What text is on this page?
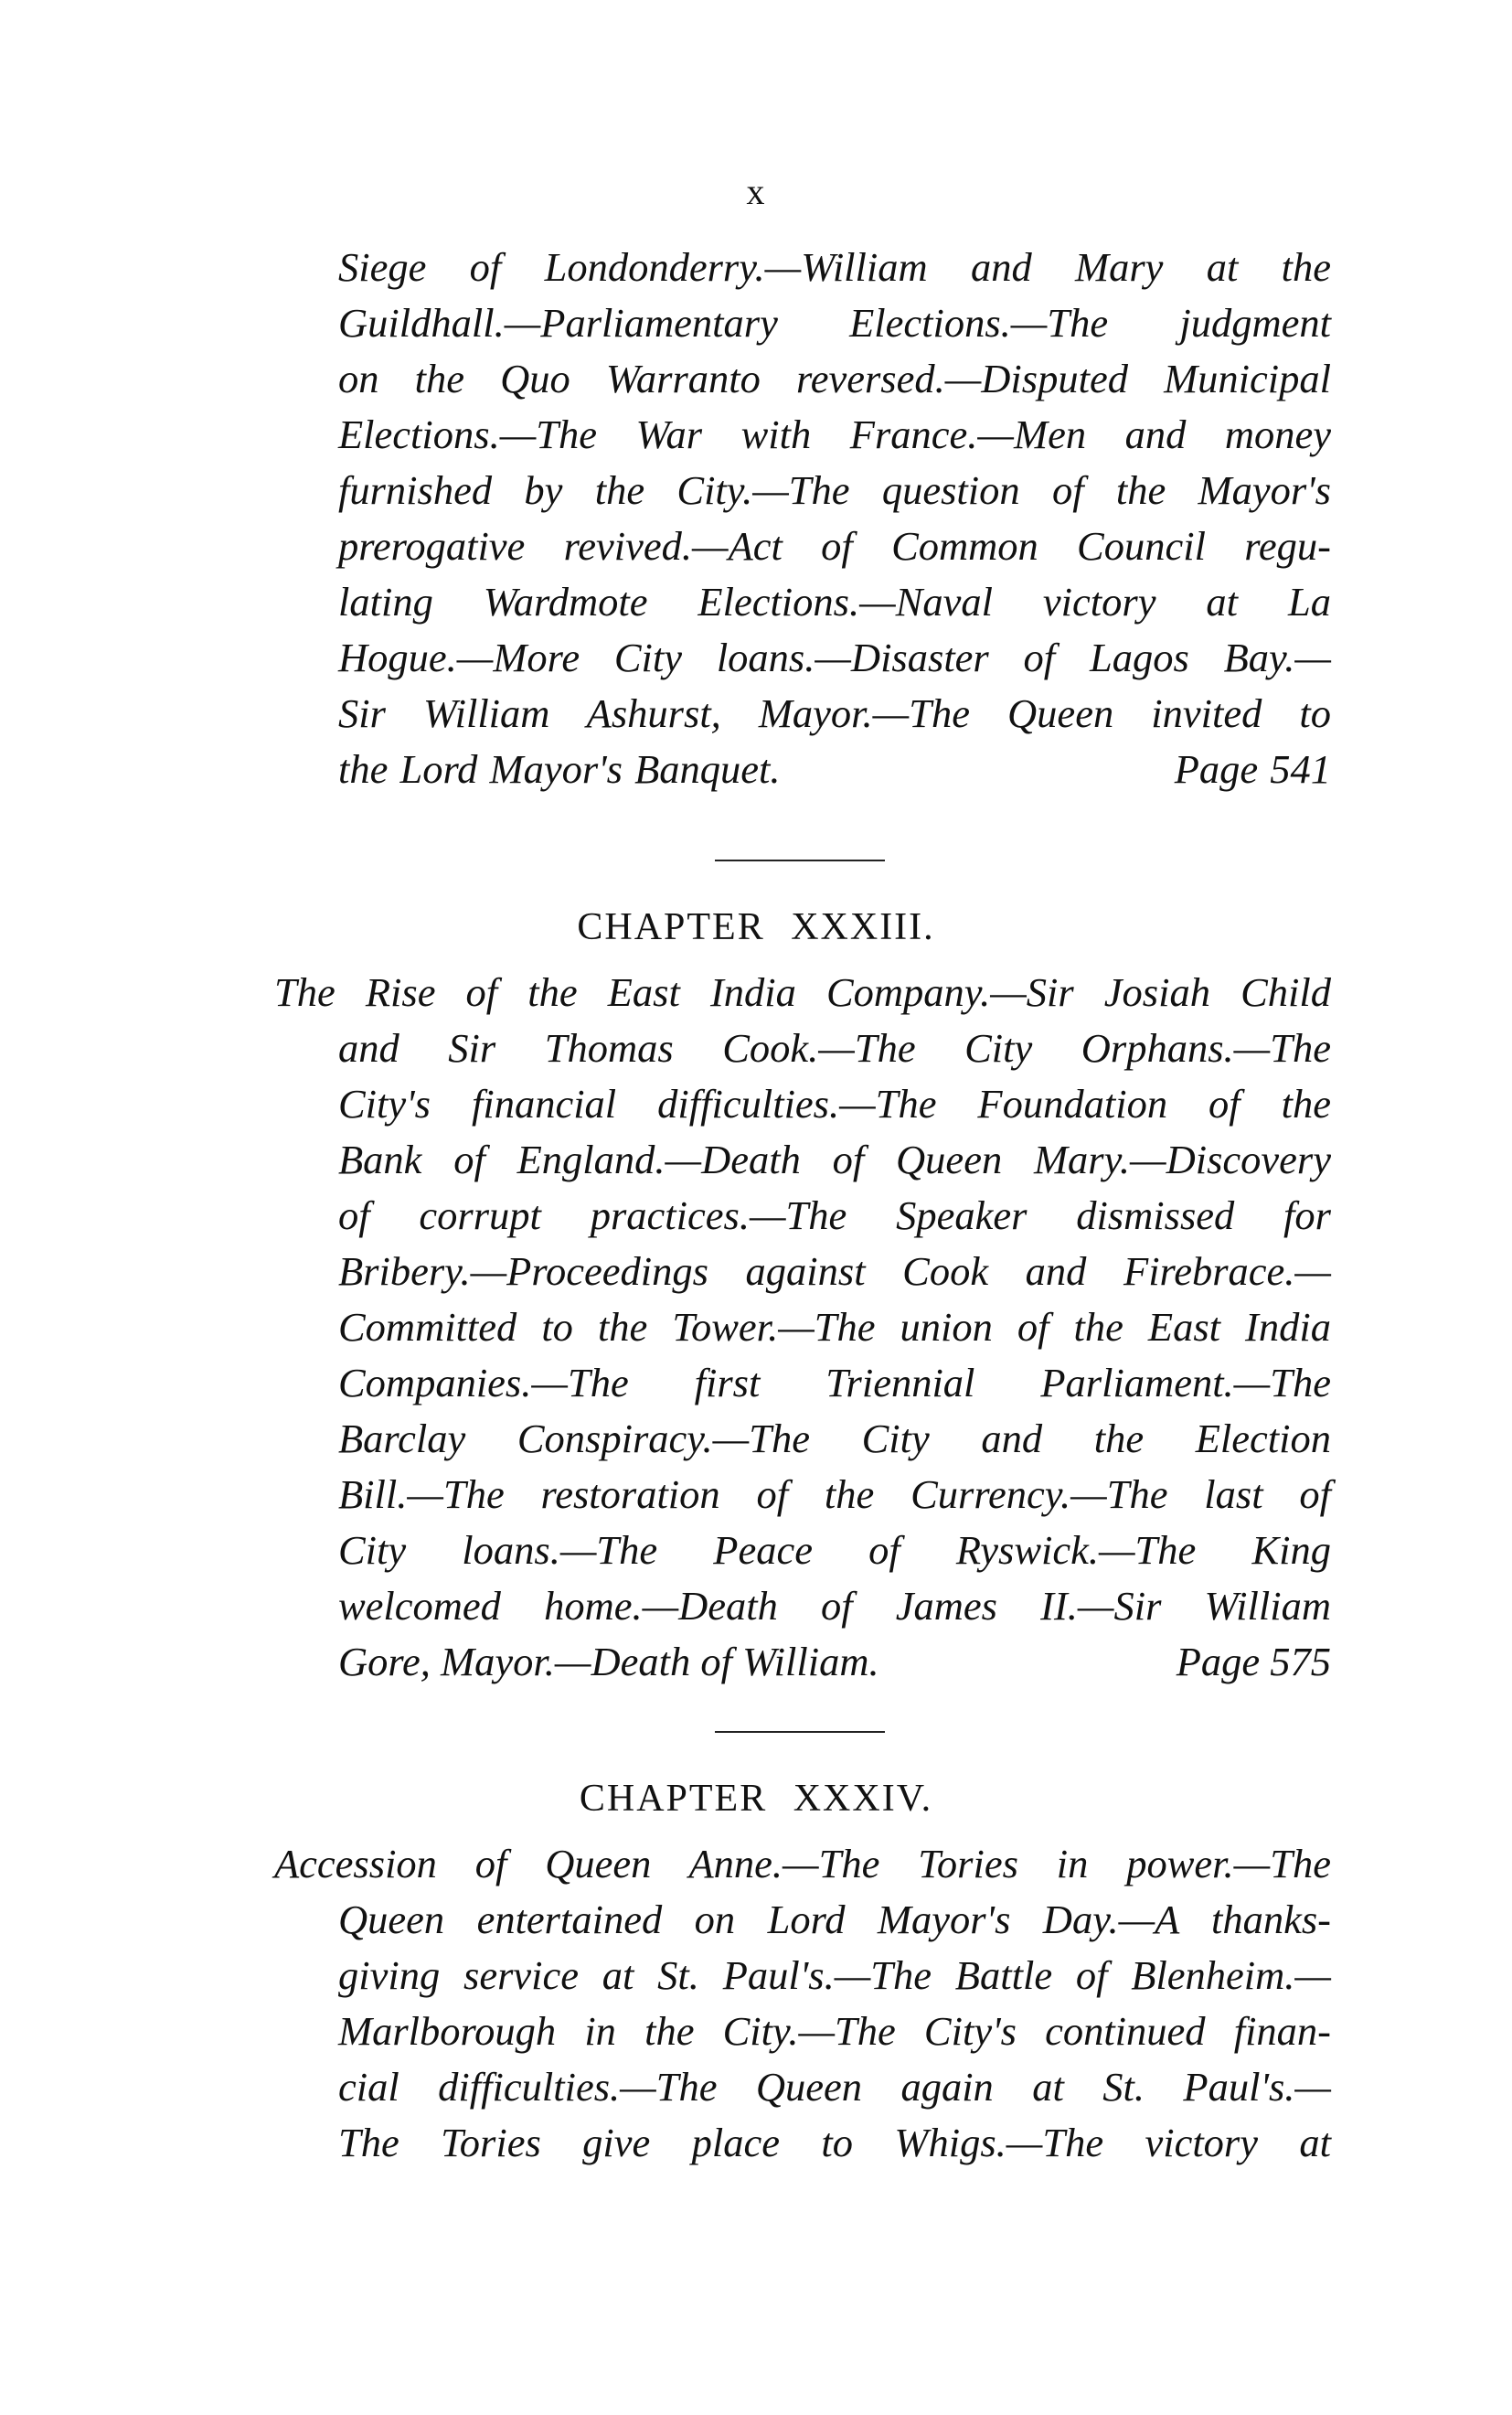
x
Siege of Londonderry.—William and Mary at the
Guildhall.—Parliamentary Elections.—The judgment
on the Quo Warranto reversed.—Disputed Municipal
Elections.—The War with France.—Men and money
furnished by the City.—The question of the Mayor's
prerogative revived.—Act of Common Council regu-
lating Wardmote Elections.—Naval victory at La
Hogue.—More City loans.—Disaster of Lagos Bay.—
Sir William Ashurst, Mayor.—The Queen invited to
the Lord Mayor's Banquet.	Page 541
CHAPTER XXXIII.
The Rise of the East India Company.—Sir Josiah Child
and Sir Thomas Cook.—The City Orphans.—The
City's financial difficulties.—The Foundation of the
Bank of England.—Death of Queen Mary.—Discovery
of corrupt practices.—The Speaker dismissed for
Bribery.—Proceedings against Cook and Firebrace.—
Committed to the Tower.—The union of the East India
Companies.—The first Triennial Parliament.—The
Barclay Conspiracy.—The City and the Election
Bill.—The restoration of the Currency.—The last of
City loans.—The Peace of Ryswick.—The King
welcomed home.—Death of James II.—Sir William
Gore, Mayor.—Death of William.	Page 575
CHAPTER XXXIV.
Accession of Queen Anne.—The Tories in power.—The
Queen entertained on Lord Mayor's Day.—A thanks-
giving service at St. Paul's.—The Battle of Blenheim.—
Marlborough in the City.—The City's continued finan-
cial difficulties.—The Queen again at St. Paul's.—
The Tories give place to Whigs.—The victory at
